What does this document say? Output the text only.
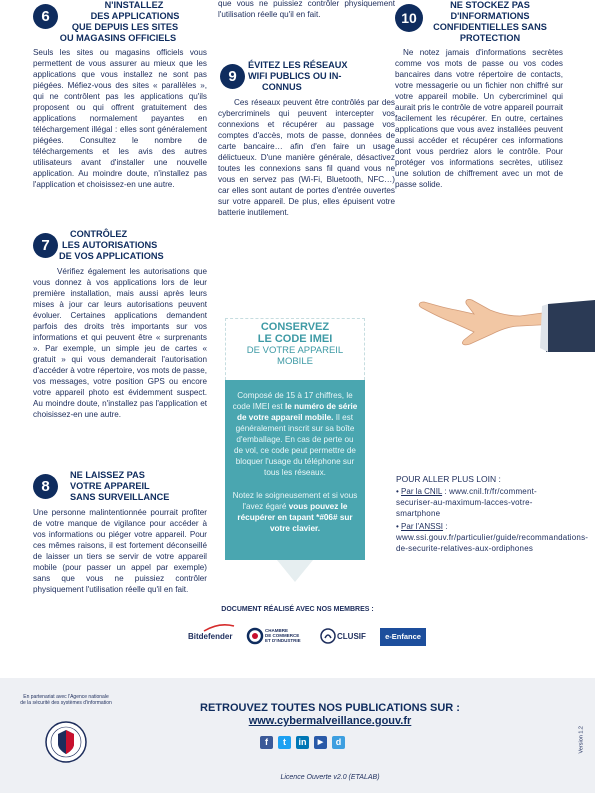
6
N'INSTALLEZ
DES APPLICATIONS
QUE DEPUIS LES SITES
OU MAGASINS OFFICIELS

Seuls les sites ou magasins officiels vous permettent de vous assurer au mieux que les applications que vous installez ne sont pas piégées. Méfiez-vous des sites « parallèles », qui ne contrôlent pas les applications qu'ils proposent ou qui offrent gratuitement des applications normalement payantes en téléchargement illégal : elles sont généralement piégées. Consultez le nombre de téléchargements et les avis des autres utilisateurs avant d'installer une nouvelle application. Au moindre doute, n'installez pas l'application et choisissez-en une autre.

7
CONTRÔLEZ
LES AUTORISATIONS
DE VOS APPLICATIONS

Vérifiez également les autorisations que vous donnez à vos applications lors de leur première installation, mais aussi après leurs mises à jour car leurs autorisations peuvent évoluer. Certaines applications demandent parfois des droits très importants sur vos informations et qui peuvent être « surprenants ». Par exemple, un simple jeu de cartes « gratuit » qui vous demanderait l'autorisation d'accéder à votre répertoire, vos mots de passe, vos messages, votre position GPS ou encore votre appareil photo est évidemment suspect. Au moindre doute, n'installez pas l'application et choisissez-en une autre.

8
NE LAISSEZ PAS
VOTRE APPAREIL
SANS SURVEILLANCE

Une personne malintentionnée pourrait profiter de votre manque de vigilance pour accéder à vos informations ou piéger votre appareil. Pour ces mêmes raisons, il est fortement déconseillé de laisser un tiers se servir de votre appareil mobile (pour passer un appel par exemple) sans que vous ne puissiez contrôler physiquement l'utilisation réelle qu'il en fait.

que vous ne puissiez contrôler physiquement l'utilisation réelle qu'il en fait.

9
ÉVITEZ LES RÉSEAUX
WIFI PUBLICS OU IN-
CONNUS

Ces réseaux peuvent être contrôlés par des cybercriminels qui peuvent intercepter vos connexions et récupérer au passage vos comptes d'accès, mots de passe, données de carte bancaire… afin d'en faire un usage délictueux. D'une manière générale, désactivez toutes les connexions sans fil quand vous ne vous en servez pas (Wi-Fi, Bluetooth, NFC…) car elles sont autant de portes d'entrée ouvertes sur votre appareil. De plus, elles épuisent votre batterie inutilement.

10
NE STOCKEZ PAS
D'INFORMATIONS
CONFIDENTIELLES SANS
PROTECTION

Ne notez jamais d'informations secrètes comme vos mots de passe ou vos codes bancaires dans votre répertoire de contacts, votre messagerie ou un fichier non chiffré sur votre appareil mobile. Un cybercriminel qui aurait pris le contrôle de votre appareil pourrait facilement les récupérer. En outre, certaines applications que vous avez installées peuvent aussi accéder et récupérer ces informations dont vous perdriez alors le contrôle. Pour protéger vos informations secrètes, utilisez une solution de chiffrement avec un mot de passe solide.

CONSERVEZ
LE CODE IMEI
DE VOTRE APPAREIL
MOBILE

Composé de 15 à 17 chiffres, le code IMEI est le numéro de série de votre appareil mobile. Il est généralement inscrit sur sa boîte d'emballage. En cas de perte ou de vol, ce code peut permettre de bloquer l'usage du téléphone sur tous les réseaux.

Notez le soigneusement et si vous l'avez égaré vous pouvez le récupérer en tapant *#06# sur votre clavier.

POUR ALLER PLUS LOIN :
• Par la CNIL : www.cnil.fr/fr/comment-securiser-au-maximum-lacces-votre-smartphone
• Par l'ANSSI : www.ssi.gouv.fr/particulier/guide/recommandations-de-securite-relatives-aux-ordiphones
DOCUMENT RÉALISÉ AVEC NOS MEMBRES :
Bitdefender
CHAMBRE
DE COMMERCE
ET D'INDUSTRIE	CLUSIF	e-Enfance
En partenariat avec l'Agence nationale de la sécurité des systèmes d'information	RETROUVEZ TOUTES NOS PUBLICATIONS SUR :
www.cybermalveillance.gouv.fr
f	t	in	▶	d
Licence Ouverte v2.0 (ETALAB)
Version 1.2
